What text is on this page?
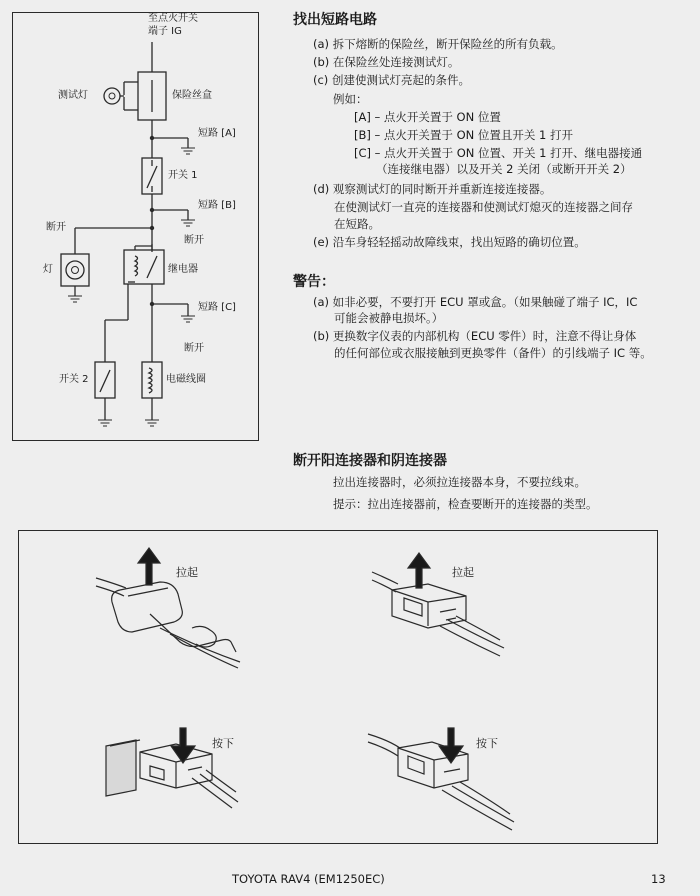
至点火开关
端子 IG
测试灯	保险丝盒
短路 [A]
开关 1
短路 [B]
断开
断开
灯	继电器
短路 [C]
断开
开关 2	电磁线圈
找出短路电路
(a) 拆下熔断的保险丝，断开保险丝的所有负载。
(b) 在保险丝处连接测试灯。
(c) 创建使测试灯亮起的条件。
例如：
[A] – 点火开关置于 ON 位置
[B] – 点火开关置于 ON 位置且开关 1 打开
[C] – 点火开关置于 ON 位置、开关 1 打开、继电器接通
（连接继电器）以及开关 2 关闭（或断开开关 2）
(d) 观察测试灯的同时断开并重新连接连接器。
在使测试灯一直亮的连接器和使测试灯熄灭的连接器之间存
在短路。
(e) 沿车身轻轻摇动故障线束，找出短路的确切位置。
警告：
(a) 如非必要，不要打开 ECU 罩或盒。（如果触碰了端子 IC，IC
可能会被静电损坏。）
(b) 更换数字仪表的内部机构（ECU 零件）时，注意不得让身体
的任何部位或衣服接触到更换零件（备件）的引线端子 IC 等。
断开阳连接器和阴连接器
拉出连接器时，必须拉连接器本身，不要拉线束。
提示：拉出连接器前，检查要断开的连接器的类型。
拉起	拉起
按下	按下
TOYOTA RAV4 (EM1250EC)	13
